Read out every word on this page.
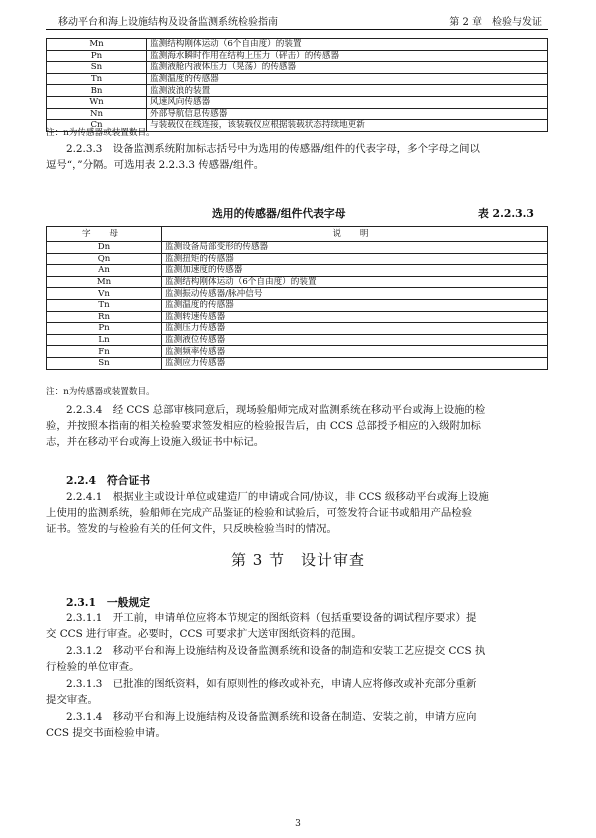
移动平台和海上设施结构及设备监测系统检验指南	第 2 章　检验与发证
Mn	监测结构刚体运动（6个自由度）的装置
Pn	监测海水瞬时作用在结构上压力（砰击）的传感器
Sn	监测液舱内液体压力（晃荡）的传感器
Tn	监测温度的传感器
Bn	监测波浪的装置
Wn	风速风向传感器
Nn	外部导航信息传感器
Cn	与装载仪在线连接，该装载仪应根据装载状态持续地更新
注：n为传感器或装置数目。
2.2.3.3　设备监测系统附加标志括号中为选用的传感器/组件的代表字母，多个字母之间以
逗号“，”分隔。可选用表 2.2.3.3 传感器/组件。
选用的传感器/组件代表字母	表 2.2.3.3
字 母	说 明
Dn	监测设备局部变形的传感器
Qn	监测扭矩的传感器
An	监测加速度的传感器
Mn	监测结构刚体运动（6个自由度）的装置
Vn	监测振动传感器/脉冲信号
Tn	监测温度的传感器
Rn	监测转速传感器
Pn	监测压力传感器
Ln	监测液位传感器
Fn	监测频率传感器
Sn	监测应力传感器
注：n为传感器或装置数目。
2.2.3.4　经 CCS 总部审核同意后，现场验船师完成对监测系统在移动平台或海上设施的检
验，并按照本指南的相关检验要求签发相应的检验报告后，由 CCS 总部授予相应的入级附加标
志，并在移动平台或海上设施入级证书中标记。
2.2.4　符合证书
2.2.4.1　根据业主或设计单位或建造厂的申请或合同/协议，非 CCS 级移动平台或海上设施
上使用的监测系统，验船师在完成产品鉴证的检验和试验后，可签发符合证书或船用产品检验
证书。签发的与检验有关的任何文件，只反映检验当时的情况。
第 3 节　设计审查
2.3.1　一般规定
2.3.1.1　开工前，申请单位应将本节规定的图纸资料（包括重要设备的调试程序要求）提
交 CCS 进行审查。必要时，CCS 可要求扩大送审图纸资料的范围。
2.3.1.2　移动平台和海上设施结构及设备监测系统和设备的制造和安装工艺应提交 CCS 执
行检验的单位审查。
2.3.1.3　已批准的图纸资料，如有原则性的修改或补充，申请人应将修改或补充部分重新
提交审查。
2.3.1.4　移动平台和海上设施结构及设备监测系统和设备在制造、安装之前，申请方应向
CCS 提交书面检验申请。
3
